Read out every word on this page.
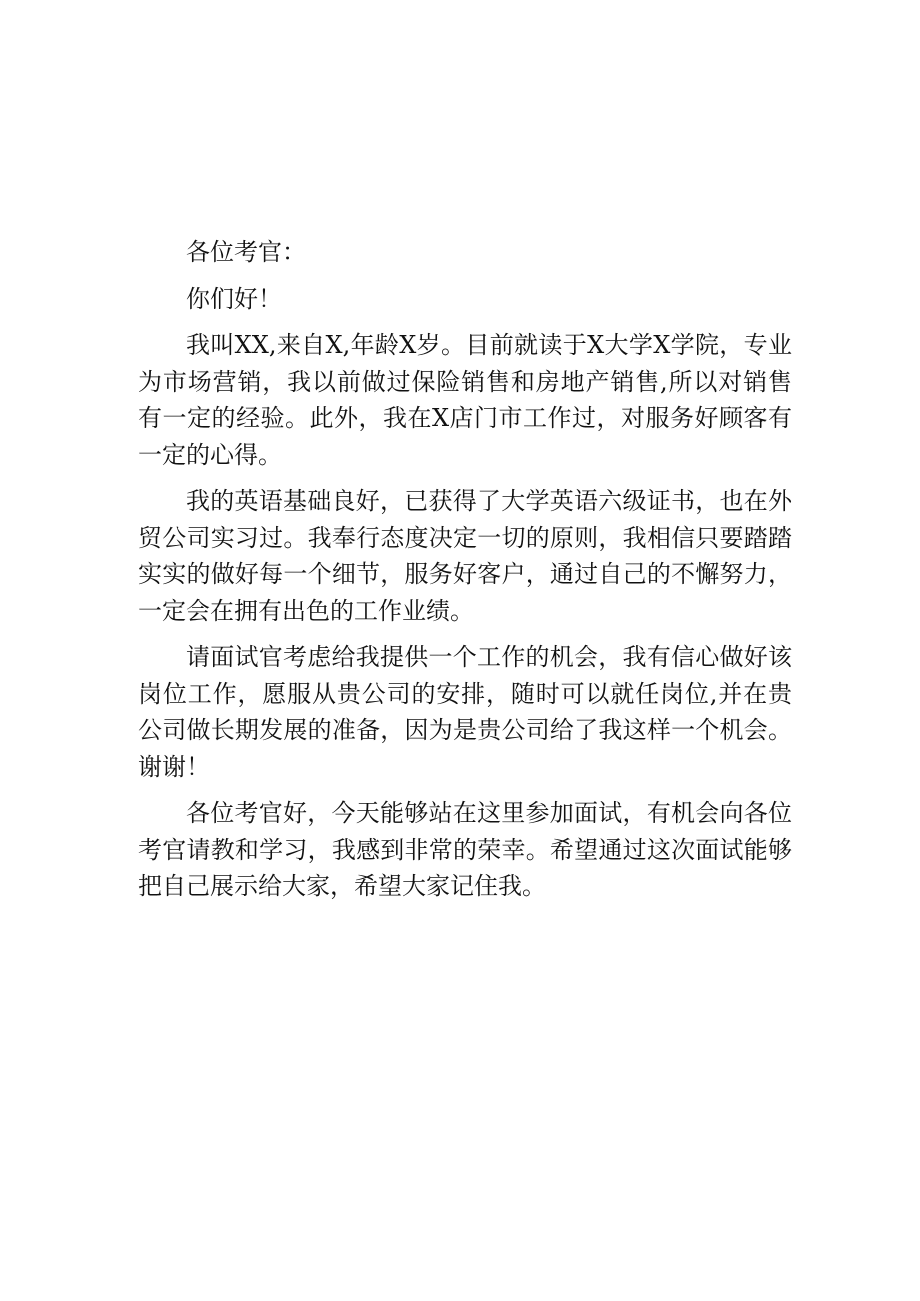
各位考官：

你们好！

我叫XX,来自X,年龄X岁。目前就读于X大学X学院，专业为市场营销，我以前做过保险销售和房地产销售,所以对销售有一定的经验。此外，我在X店门市工作过，对服务好顾客有一定的心得。

我的英语基础良好，已获得了大学英语六级证书，也在外贸公司实习过。我奉行态度决定一切的原则，我相信只要踏踏实实的做好每一个细节，服务好客户，通过自己的不懈努力，一定会在拥有出色的工作业绩。

请面试官考虑给我提供一个工作的机会，我有信心做好该岗位工作，愿服从贵公司的安排，随时可以就任岗位,并在贵公司做长期发展的准备，因为是贵公司给了我这样一个机会。谢谢！

各位考官好，今天能够站在这里参加面试，有机会向各位考官请教和学习，我感到非常的荣幸。希望通过这次面试能够把自己展示给大家，希望大家记住我。
